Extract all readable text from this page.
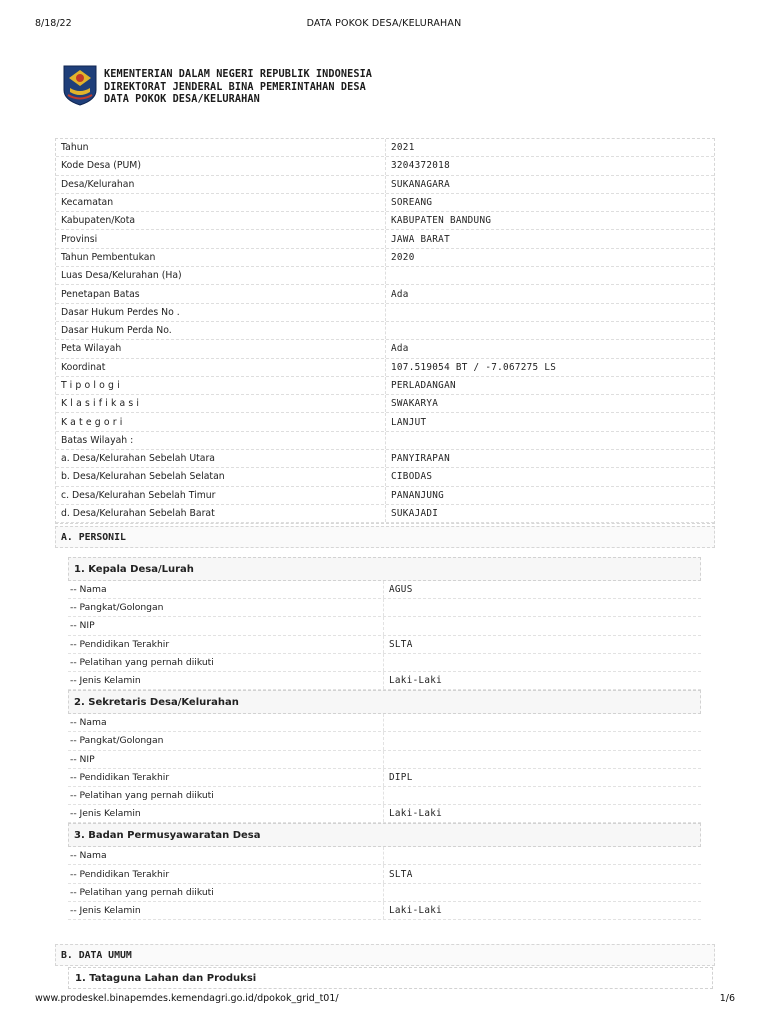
8/18/22	DATA POKOK DESA/KELURAHAN
KEMENTERIAN DALAM NEGERI REPUBLIK INDONESIA
DIREKTORAT JENDERAL BINA PEMERINTAHAN DESA
DATA POKOK DESA/KELURAHAN
Tahun	2021
Kode Desa (PUM)	3204372018
Desa/Kelurahan	SUKANAGARA
Kecamatan	SOREANG
Kabupaten/Kota	KABUPATEN BANDUNG
Provinsi	JAWA BARAT
Tahun Pembentukan	2020
Luas Desa/Kelurahan (Ha)
Penetapan Batas	Ada
Dasar Hukum Perdes No .
Dasar Hukum Perda No.
Peta Wilayah	Ada
Koordinat	107.519054 BT / -7.067275 LS
Tipologi	PERLADANGAN
Klasifikasi	SWAKARYA
Kategori	LANJUT
Batas Wilayah :
a. Desa/Kelurahan Sebelah Utara	PANYIRAPAN
b. Desa/Kelurahan Sebelah Selatan	CIBODAS
c. Desa/Kelurahan Sebelah Timur	PANANJUNG
d. Desa/Kelurahan Sebelah Barat	SUKAJADI
A. PERSONIL
1. Kepala Desa/Lurah
-- Nama	AGUS
-- Pangkat/Golongan
-- NIP
-- Pendidikan Terakhir	SLTA
-- Pelatihan yang pernah diikuti
-- Jenis Kelamin	Laki-Laki
2. Sekretaris Desa/Kelurahan
-- Nama
-- Pangkat/Golongan
-- NIP
-- Pendidikan Terakhir	DIPL
-- Pelatihan yang pernah diikuti
-- Jenis Kelamin	Laki-Laki
3. Badan Permusyawaratan Desa
-- Nama
-- Pendidikan Terakhir	SLTA
-- Pelatihan yang pernah diikuti
-- Jenis Kelamin	Laki-Laki
B. DATA UMUM
1. Tataguna Lahan dan Produksi
www.prodeskel.binapemdes.kemendagri.go.id/dpokok_grid_t01/	1/6
